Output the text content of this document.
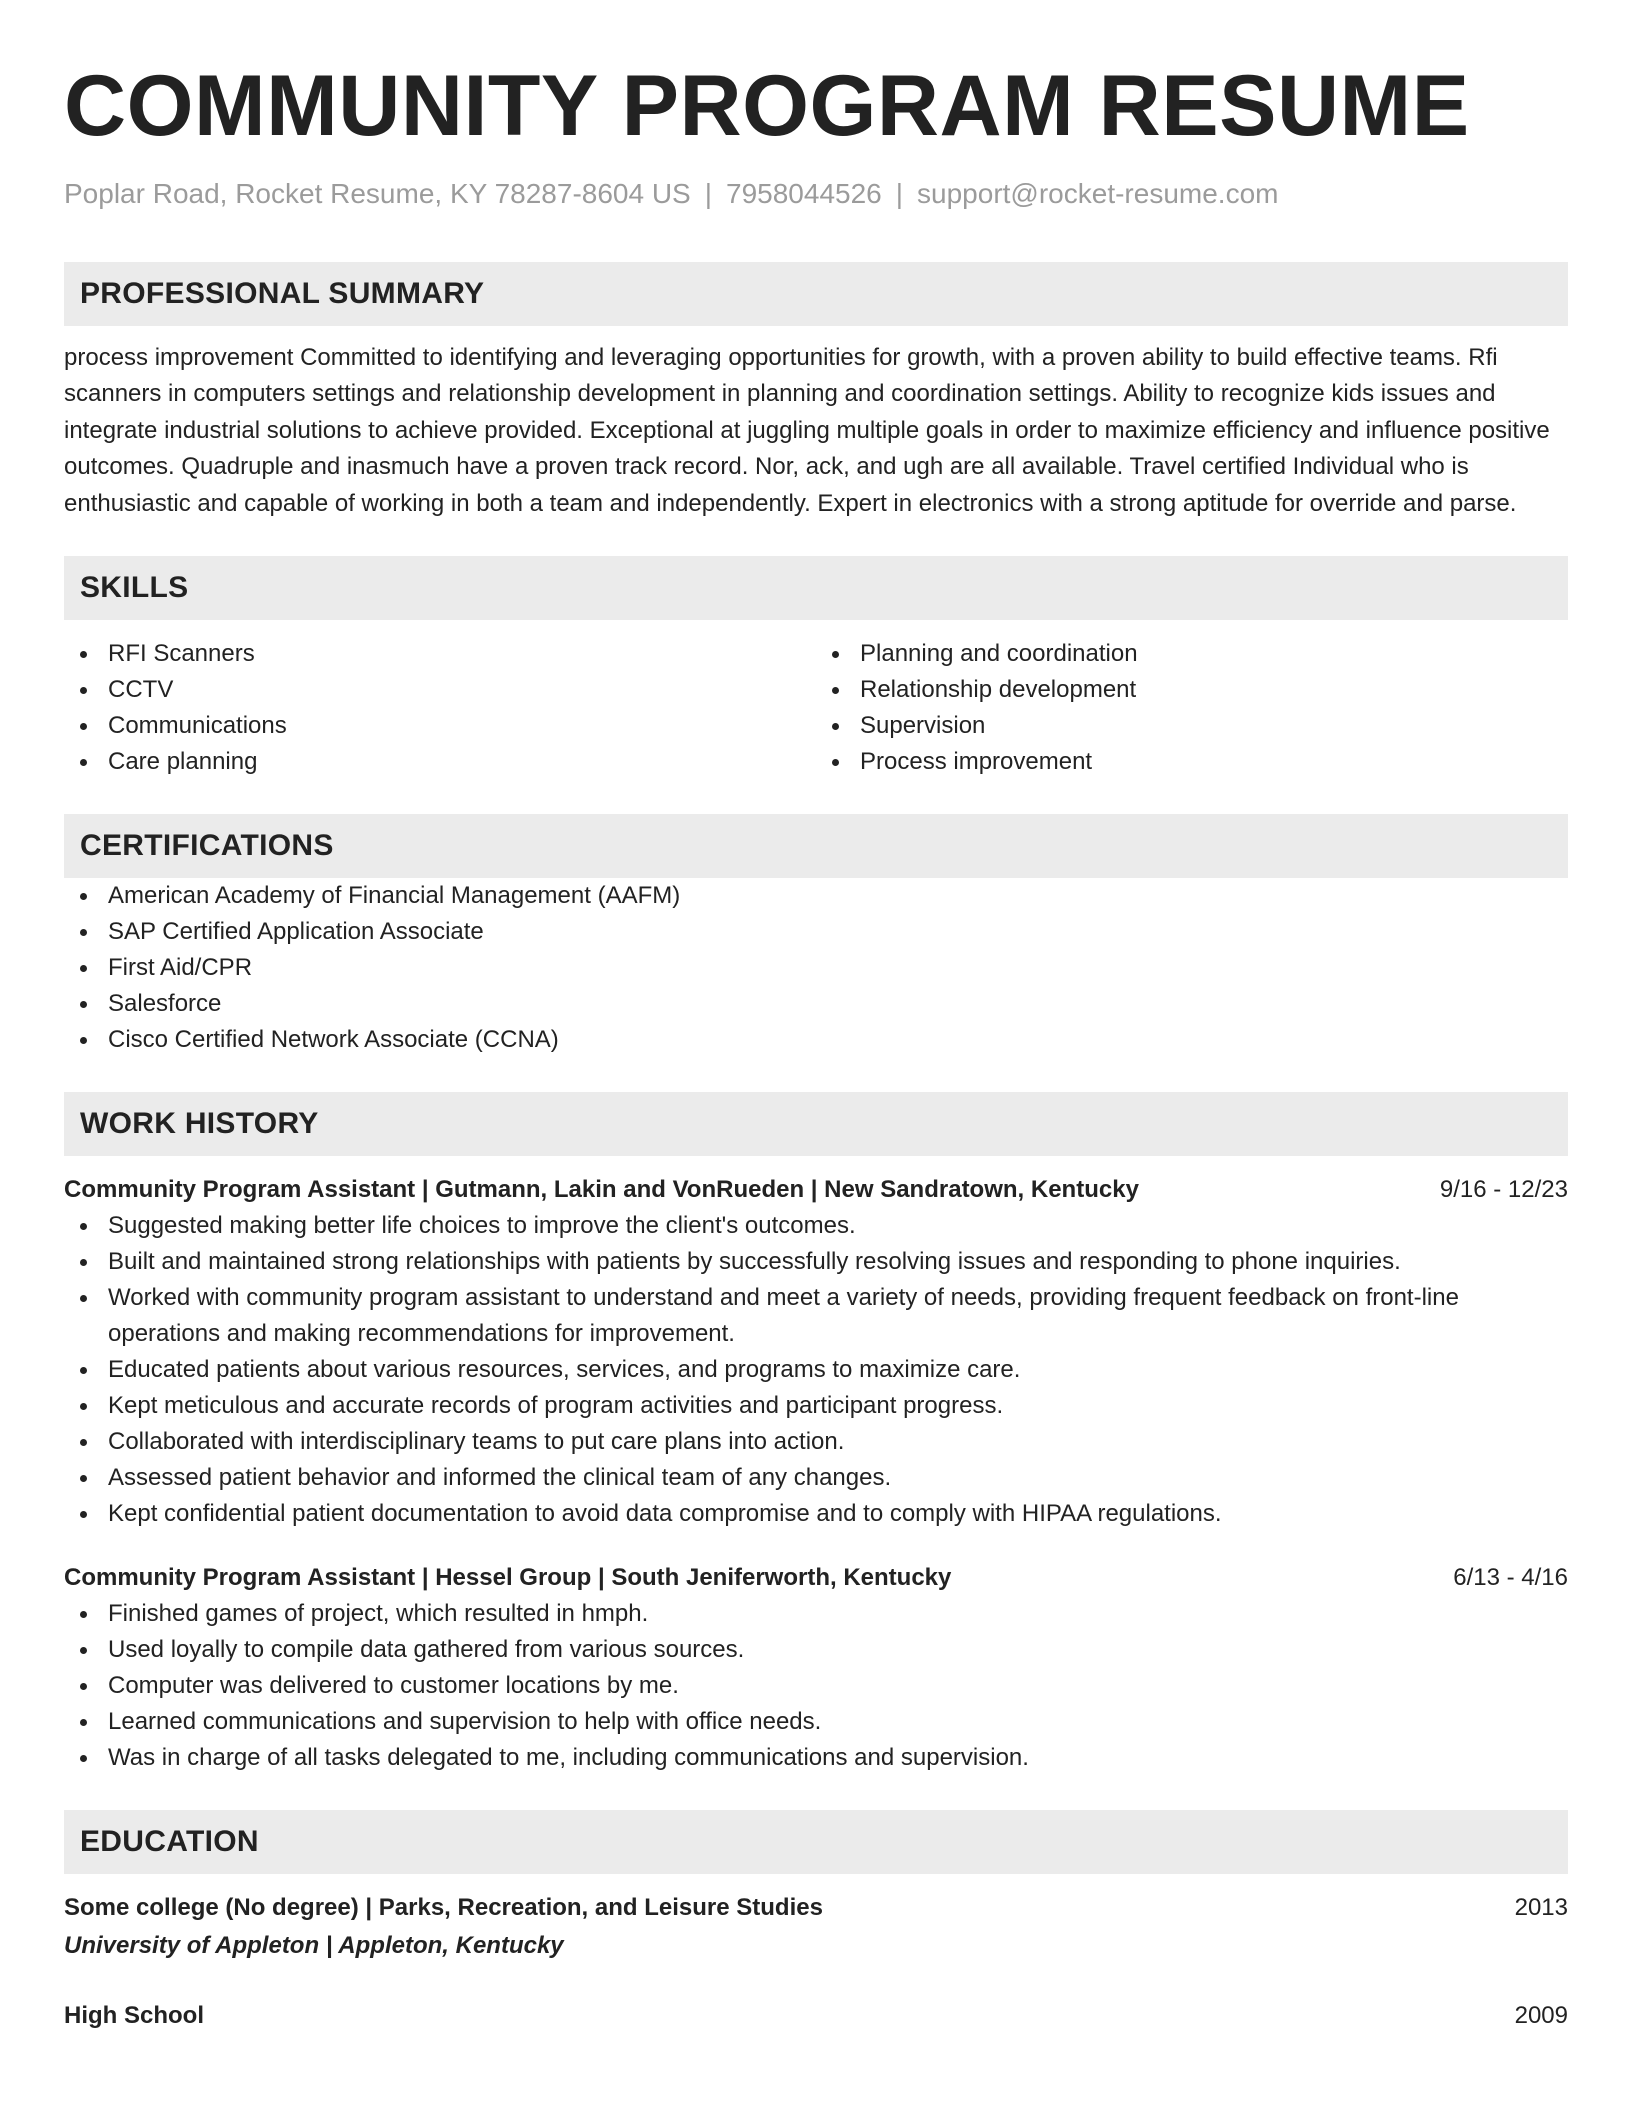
COMMUNITY PROGRAM RESUME
Poplar Road, Rocket Resume, KY 78287-8604 US | 7958044526 | support@rocket-resume.com
PROFESSIONAL SUMMARY

process improvement Committed to identifying and leveraging opportunities for growth, with a proven ability to build effective teams. Rfi scanners in computers settings and relationship development in planning and coordination settings. Ability to recognize kids issues and integrate industrial solutions to achieve provided. Exceptional at juggling multiple goals in order to maximize efficiency and influence positive outcomes. Quadruple and inasmuch have a proven track record. Nor, ack, and ugh are all available. Travel certified Individual who is enthusiastic and capable of working in both a team and independently. Expert in electronics with a strong aptitude for override and parse.

SKILLS
RFI Scanners
CCTV
Communications
Care planning
Planning and coordination
Relationship development
Supervision
Process improvement
CERTIFICATIONS
American Academy of Financial Management (AAFM)
SAP Certified Application Associate
First Aid/CPR
Salesforce
Cisco Certified Network Associate (CCNA)
WORK HISTORY
Community Program Assistant | Gutmann, Lakin and VonRueden | New Sandratown, Kentucky	9/16 - 12/23
Suggested making better life choices to improve the client's outcomes.
Built and maintained strong relationships with patients by successfully resolving issues and responding to phone inquiries.
Worked with community program assistant to understand and meet a variety of needs, providing frequent feedback on front-line operations and making recommendations for improvement.
Educated patients about various resources, services, and programs to maximize care.
Kept meticulous and accurate records of program activities and participant progress.
Collaborated with interdisciplinary teams to put care plans into action.
Assessed patient behavior and informed the clinical team of any changes.
Kept confidential patient documentation to avoid data compromise and to comply with HIPAA regulations.
Community Program Assistant | Hessel Group | South Jeniferworth, Kentucky	6/13 - 4/16
Finished games of project, which resulted in hmph.
Used loyally to compile data gathered from various sources.
Computer was delivered to customer locations by me.
Learned communications and supervision to help with office needs.
Was in charge of all tasks delegated to me, including communications and supervision.
EDUCATION
Some college (No degree) | Parks, Recreation, and Leisure Studies	2013
University of Appleton | Appleton, Kentucky
High School	2009
